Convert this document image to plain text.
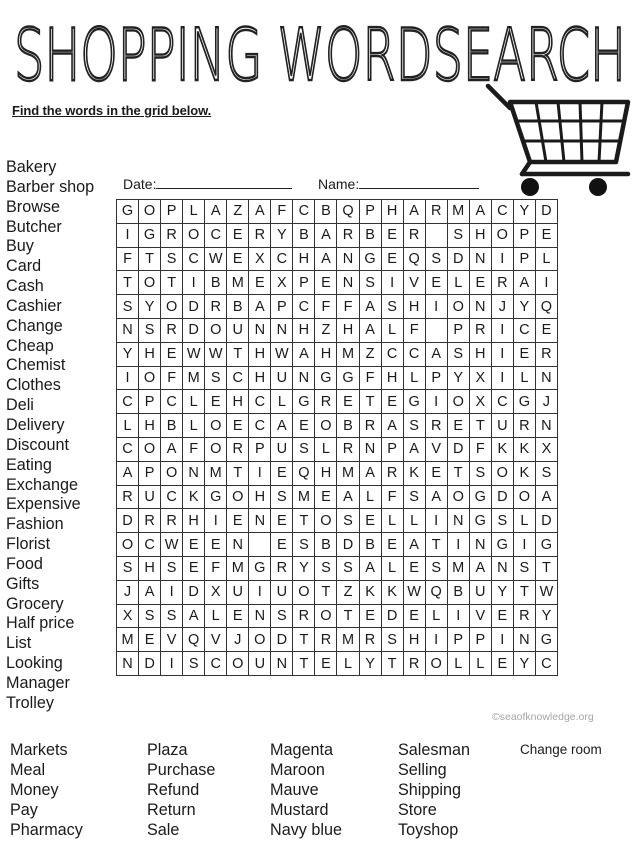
SHOPPING WORDSEARCH
Find the words in the grid below.
Bakery
Barber shop
Browse
Butcher
Buy
Card
Cash
Cashier
Change
Cheap
Chemist
Clothes
Deli
Delivery
Discount
Eating
Exchange
Expensive
Fashion
Florist
Food
Gifts
Grocery
Half price
List
Looking
Manager
Trolley
Date:	Name:
G	O	P	L	A	Z	A	F	C	B	Q	P	H	A	R	M	A	C	Y	D
I	G	R	O	C	E	R	Y	B	A	R	B	E	R		S	H	O	P	E
F	T	S	C	W	E	X	C	H	A	N	G	E	Q	S	D	N	I	P	L
T	O	T	I	B	M	E	X	P	E	N	S	I	V	E	L	E	R	A	I
S	Y	O	D	R	B	A	P	C	F	F	A	S	H	I	O	N	J	Y	Q
N	S	R	D	O	U	N	N	H	Z	H	A	L	F		P	R	I	C	E
Y	H	E	W	W	T	H	W	A	H	M	Z	C	C	A	S	H	I	E	R
I	O	F	M	S	C	H	U	N	G	G	F	H	L	P	Y	X	I	L	N
C	P	C	L	E	H	C	L	G	R	E	T	E	G	I	O	X	C	G	J
L	H	B	L	O	E	C	A	E	O	B	R	A	S	R	E	T	U	R	N
C	O	A	F	O	R	P	U	S	L	R	N	P	A	V	D	F	K	K	X
A	P	O	N	M	T	I	E	Q	H	M	A	R	K	E	T	S	O	K	S
R	U	C	K	G	O	H	S	M	E	A	L	F	S	A	O	G	D	O	A
D	R	R	H	I	E	N	E	T	O	S	E	L	L	I	N	G	S	L	D
O	C	W	E	E	N		E	S	B	D	B	E	A	T	I	N	G	I	G
S	H	S	E	F	M	G	R	Y	S	S	A	L	E	S	M	A	N	S	T
J	A	I	D	X	U	I	U	O	T	Z	K	K	W	Q	B	U	Y	T	W
X	S	S	A	L	E	N	S	R	O	T	E	D	E	L	I	V	E	R	Y
M	E	V	Q	V	J	O	D	T	R	M	R	S	H	I	P	P	I	N	G
N	D	I	S	C	O	U	N	T	E	L	Y	T	R	O	L	L	E	Y	C
©seaofknowledge.org
Markets
Meal
Money
Pay
Pharmacy
Plaza
Purchase
Refund
Return
Sale
Magenta
Maroon
Mauve
Mustard
Navy blue
Salesman
Selling
Shipping
Store
Toyshop
Change room
